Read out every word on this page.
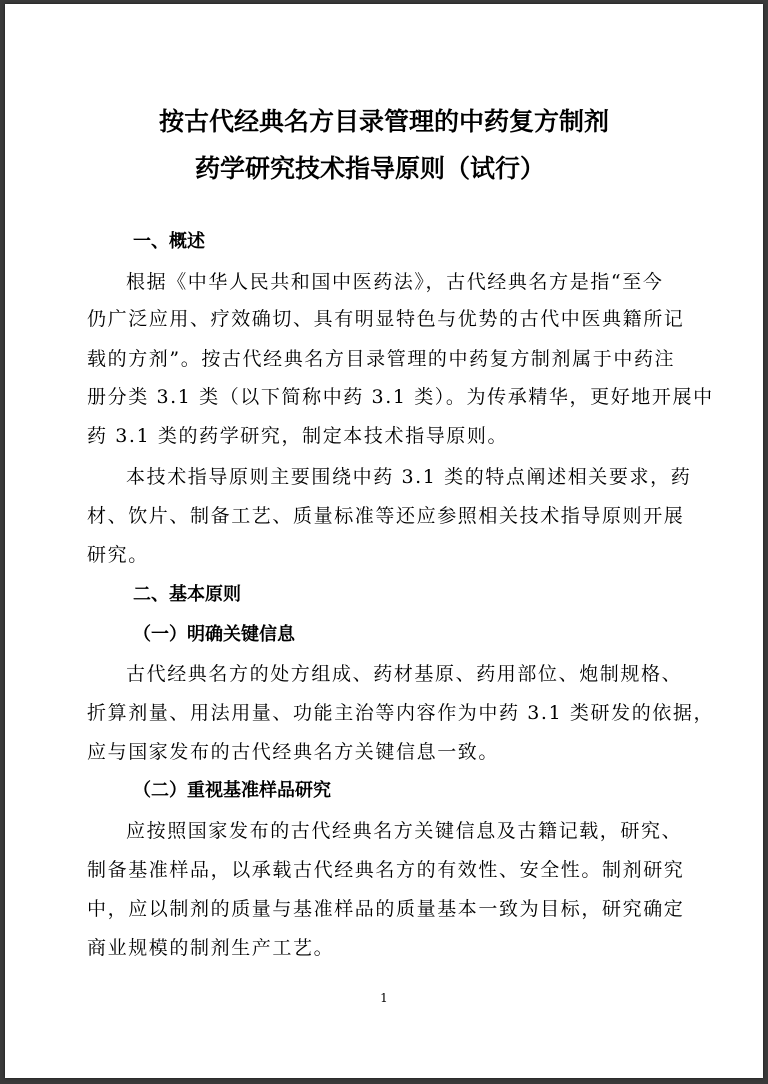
按古代经典名方目录管理的中药复方制剂
药学研究技术指导原则（试行）
一、概述
根据《中华人民共和国中医药法》，古代经典名方是指“至今
仍广泛应用、疗效确切、具有明显特色与优势的古代中医典籍所记
载的方剂”。按古代经典名方目录管理的中药复方制剂属于中药注
册分类 3.1 类（以下简称中药 3.1 类）。为传承精华，更好地开展中
药 3.1 类的药学研究，制定本技术指导原则。
本技术指导原则主要围绕中药 3.1 类的特点阐述相关要求，药
材、饮片、制备工艺、质量标准等还应参照相关技术指导原则开展
研究。
二、基本原则
（一）明确关键信息
古代经典名方的处方组成、药材基原、药用部位、炮制规格、
折算剂量、用法用量、功能主治等内容作为中药 3.1 类研发的依据，
应与国家发布的古代经典名方关键信息一致。
（二）重视基准样品研究
应按照国家发布的古代经典名方关键信息及古籍记载，研究、
制备基准样品，以承载古代经典名方的有效性、安全性。制剂研究
中，应以制剂的质量与基准样品的质量基本一致为目标，研究确定
商业规模的制剂生产工艺。
1
